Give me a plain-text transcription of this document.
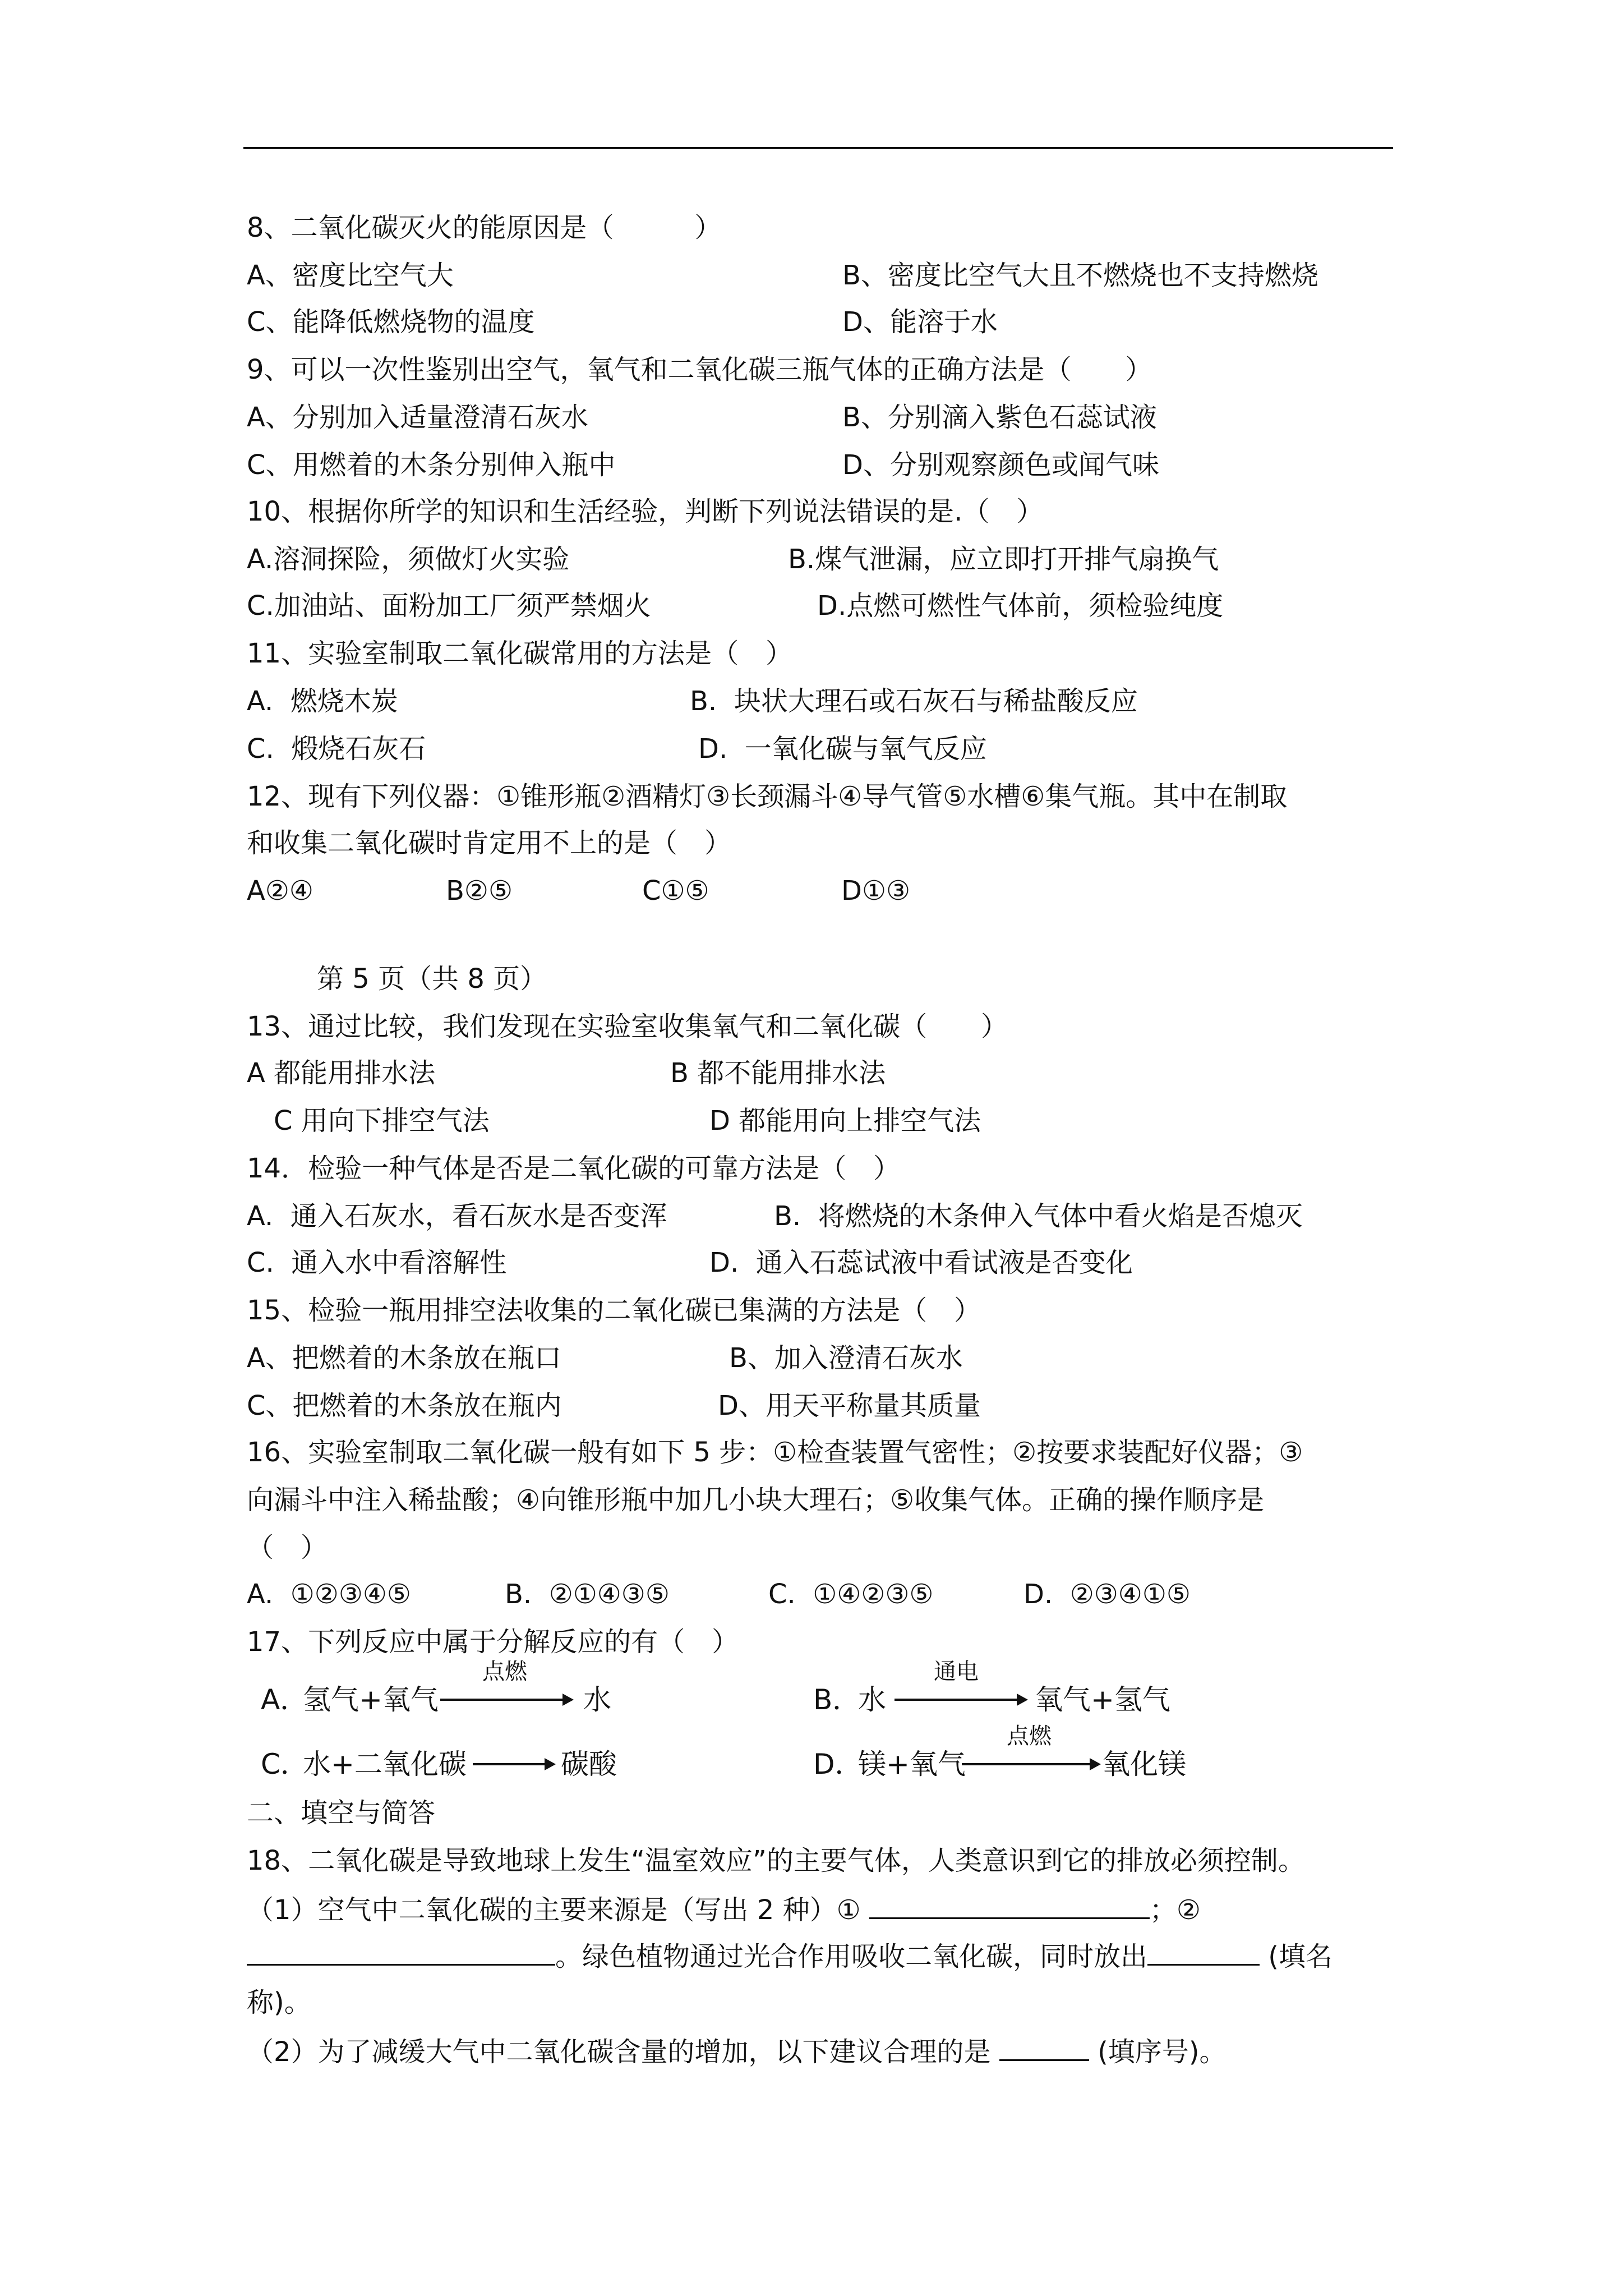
8、二氧化碳灭火的能原因是（　　　）
A、密度比空气大	B、密度比空气大且不燃烧也不支持燃烧
C、能降低燃烧物的温度	D、能溶于水
9、可以一次性鉴别出空气，氧气和二氧化碳三瓶气体的正确方法是（　　）
A、分别加入适量澄清石灰水	B、分别滴入紫色石蕊试液
C、用燃着的木条分别伸入瓶中	D、分别观察颜色或闻气味
10、根据你所学的知识和生活经验，判断下列说法错误的是.（　）
A.溶洞探险，须做灯火实验	B.煤气泄漏，应立即打开排气扇换气
C.加油站、面粉加工厂须严禁烟火	D.点燃可燃性气体前，须检验纯度
11、实验室制取二氧化碳常用的方法是（　）
A.  燃烧木炭	B.  块状大理石或石灰石与稀盐酸反应
C.  煅烧石灰石	D.  一氧化碳与氧气反应
12、现有下列仪器：①锥形瓶②酒精灯③长颈漏斗④导气管⑤水槽⑥集气瓶。其中在制取
和收集二氧化碳时肯定用不上的是（　）
A②④	B②⑤	C①⑤	D①③
第 5 页（共 8 页）
13、通过比较，我们发现在实验室收集氧气和二氧化碳（　　）
A 都能用排水法	B 都不能用排水法
C 用向下排空气法	D 都能用向上排空气法
14．检验一种气体是否是二氧化碳的可靠方法是（　）
A.  通入石灰水，看石灰水是否变浑	B.  将燃烧的木条伸入气体中看火焰是否熄灭
C.  通入水中看溶解性	D.  通入石蕊试液中看试液是否变化
15、检验一瓶用排空法收集的二氧化碳已集满的方法是（　）
A、把燃着的木条放在瓶口	B、加入澄清石灰水
C、把燃着的木条放在瓶内	D、用天平称量其质量
16、实验室制取二氧化碳一般有如下 5 步：①检查装置气密性；②按要求装配好仪器；③
向漏斗中注入稀盐酸；④向锥形瓶中加几小块大理石；⑤收集气体。正确的操作顺序是
（　）
A.  ①②③④⑤	B.  ②①④③⑤	C.  ①④②③⑤	D.  ②③④①⑤
17、下列反应中属于分解反应的有（　）
A．
氢气+氧气
点燃
水	B．
水
通电
氧气+氢气
C．
水+二氧化碳	碳酸	D．
镁+氧气
点燃
氧化镁
二、填空与简答
18、二氧化碳是导致地球上发生“温室效应”的主要气体，人类意识到它的排放必须控制。
（1）空气中二氧化碳的主要来源是（写出 2 种）①	；②
。绿色植物通过光合作用吸收二氧化碳，同时放出	(填名
称)。
（2）为了减缓大气中二氧化碳含量的增加，以下建议合理的是	(填序号)。
